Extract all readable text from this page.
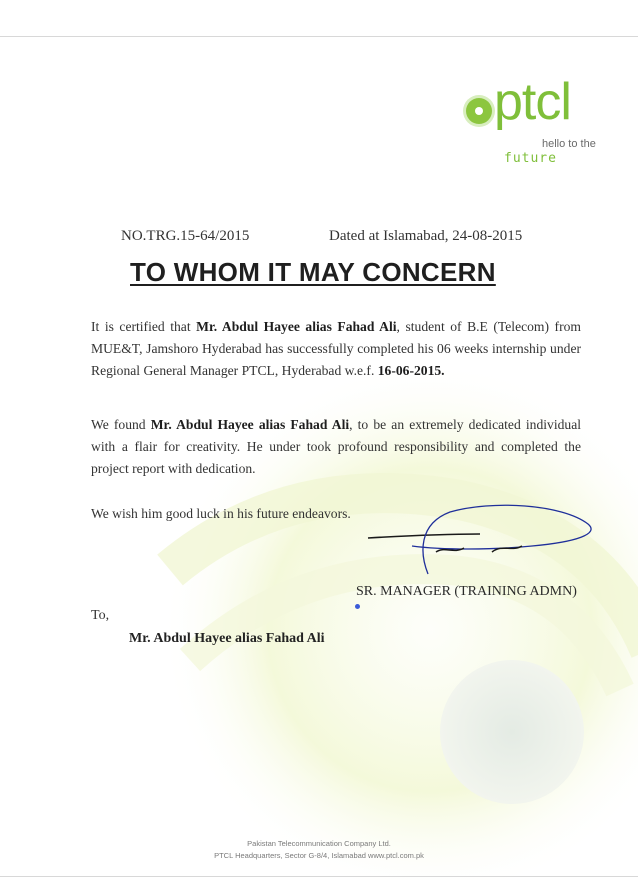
ptcl
hello to the
future
NO.TRG.15-64/2015	Dated at Islamabad, 24-08-2015
TO WHOM IT MAY CONCERN
It is certified that Mr. Abdul Hayee alias Fahad Ali, student of B.E (Telecom) from MUE&T, Jamshoro Hyderabad has successfully completed his 06 weeks internship under Regional General Manager PTCL, Hyderabad w.e.f. 16-06-2015.
We found Mr. Abdul Hayee alias Fahad Ali, to be an extremely dedicated individual with a flair for creativity. He under took profound responsibility and completed the project report with dedication.
We wish him good luck in his future endeavors.
SR. MANAGER (TRAINING ADMN)
To,
Mr. Abdul Hayee alias Fahad Ali
Pakistan Telecommunication Company Ltd.
PTCL Headquarters, Sector G-8/4, Islamabad www.ptcl.com.pk
